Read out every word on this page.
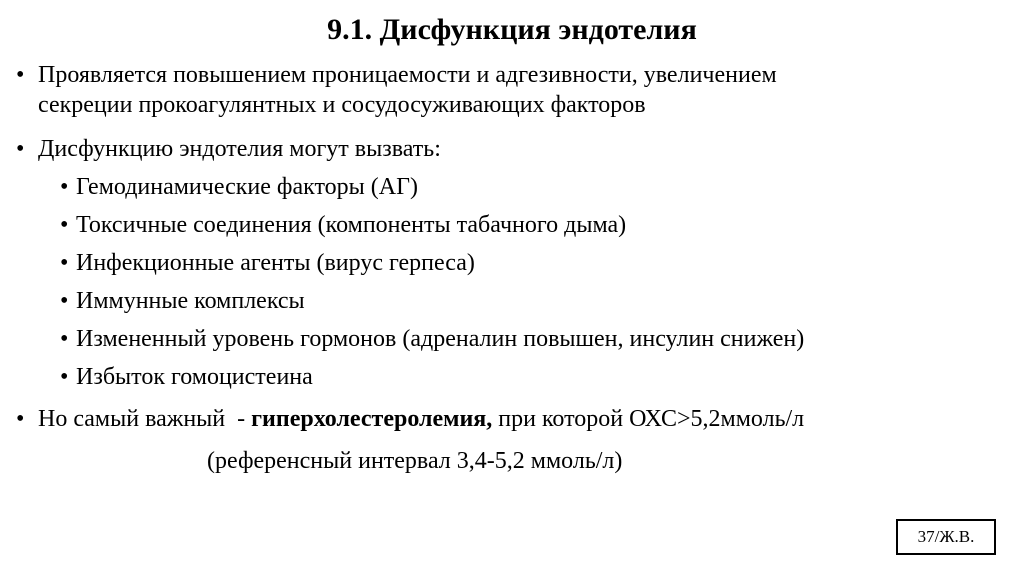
9.1. Дисфункция эндотелия
• Проявляется повышением проницаемости и адгезивности, увеличением
секреции прокоагулянтных и сосудосуживающих факторов
• Дисфункцию эндотелия могут вызвать:
• Гемодинамические факторы (АГ)
• Токсичные соединения (компоненты табачного дыма)
• Инфекционные агенты (вирус герпеса)
• Иммунные комплексы
• Измененный уровень гормонов (адреналин повышен, инсулин снижен)
• Избыток гомоцистеина
• Но самый важный  - гиперхолестеролемия, при которой ОХС>5,2ммоль/л
(референсный интервал 3,4-5,2 ммоль/л)
37/Ж.В.
